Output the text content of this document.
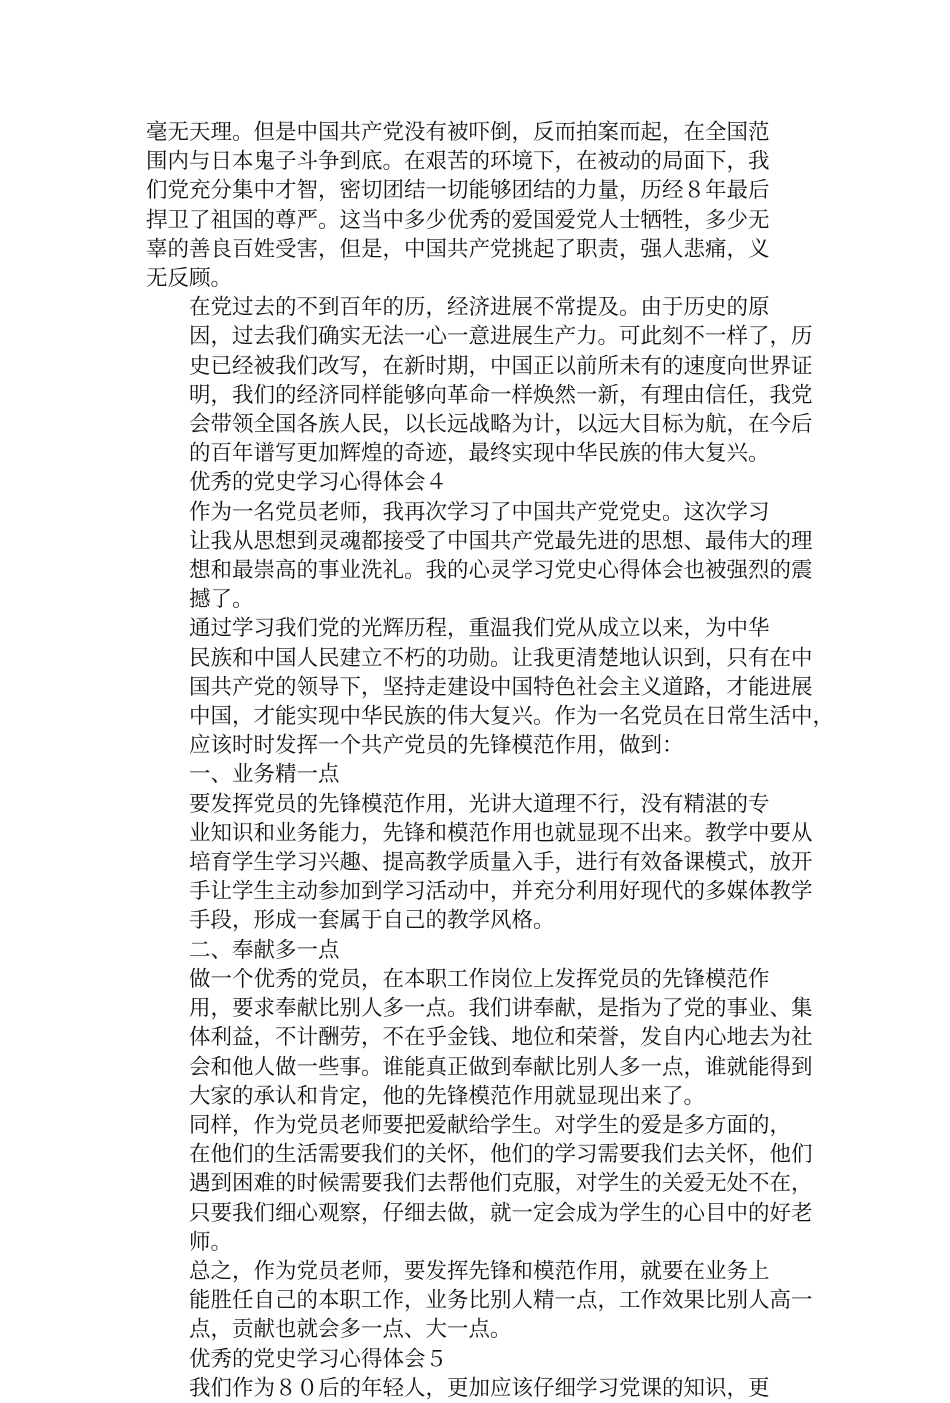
毫无天理。但是中国共产党没有被吓倒，反而拍案而起，在全国范
围内与日本鬼子斗争到底。在艰苦的环境下，在被动的局面下，我
们党充分集中才智，密切团结一切能够团结的力量，历经８年最后
捍卫了祖国的尊严。这当中多少优秀的爱国爱党人士牺牲，多少无
辜的善良百姓受害，但是，中国共产党挑起了职责，强人悲痛，义
无反顾。

在党过去的不到百年的历，经济进展不常提及。由于历史的原
因，过去我们确实无法一心一意进展生产力。可此刻不一样了，历
史已经被我们改写，在新时期，中国正以前所未有的速度向世界证
明，我们的经济同样能够向革命一样焕然一新，有理由信任，我党
会带领全国各族人民，以长远战略为计，以远大目标为航，在今后
的百年谱写更加辉煌的奇迹，最终实现中华民族的伟大复兴。

优秀的党史学习心得体会４

作为一名党员老师，我再次学习了中国共产党党史。这次学习
让我从思想到灵魂都接受了中国共产党最先进的思想、最伟大的理
想和最崇高的事业洗礼。我的心灵学习党史心得体会也被强烈的震
撼了。

通过学习我们党的光辉历程，重温我们党从成立以来，为中华
民族和中国人民建立不朽的功勋。让我更清楚地认识到，只有在中
国共产党的领导下，坚持走建设中国特色社会主义道路，才能进展
中国，才能实现中华民族的伟大复兴。作为一名党员在日常生活中，
应该时时发挥一个共产党员的先锋模范作用，做到：

一、业务精一点

要发挥党员的先锋模范作用，光讲大道理不行，没有精湛的专
业知识和业务能力，先锋和模范作用也就显现不出来。教学中要从
培育学生学习兴趣、提高教学质量入手，进行有效备课模式，放开
手让学生主动参加到学习活动中，并充分利用好现代的多媒体教学
手段，形成一套属于自己的教学风格。

二、奉献多一点

做一个优秀的党员，在本职工作岗位上发挥党员的先锋模范作
用，要求奉献比别人多一点。我们讲奉献，是指为了党的事业、集
体利益，不计酬劳，不在乎金钱、地位和荣誉，发自内心地去为社
会和他人做一些事。谁能真正做到奉献比别人多一点，谁就能得到
大家的承认和肯定，他的先锋模范作用就显现出来了。

同样，作为党员老师要把爱献给学生。对学生的爱是多方面的，
在他们的生活需要我们的关怀，他们的学习需要我们去关怀，他们
遇到困难的时候需要我们去帮他们克服，对学生的关爱无处不在，
只要我们细心观察，仔细去做，就一定会成为学生的心目中的好老
师。

总之，作为党员老师，要发挥先锋和模范作用，就要在业务上
能胜任自己的本职工作，业务比别人精一点，工作效果比别人高一
点，贡献也就会多一点、大一点。

优秀的党史学习心得体会５

我们作为８０后的年轻人，更加应该仔细学习党课的知识，更
